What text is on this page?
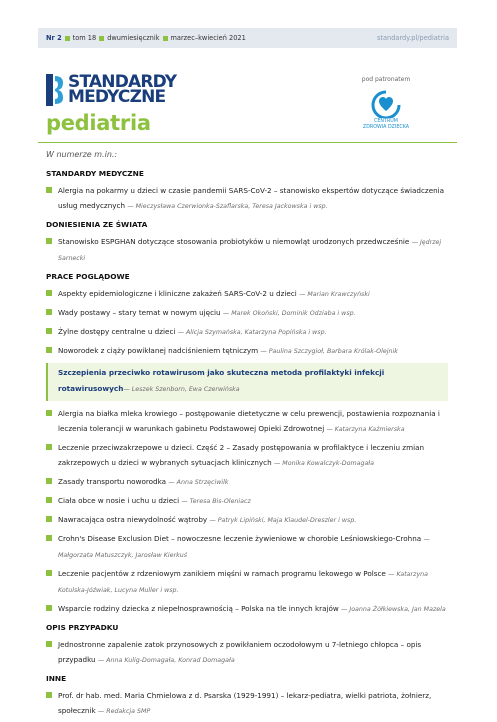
Nr 2 tom 18 dwumiesięcznik marzec–kwiecień 2021	standardy.pl/pediatria
STANDARDY
MEDYCZNE
pediatria
pod patronatem
CENTRUM
ZDROWIA DZIECKA
W numerze m.in.:
STANDARDY MEDYCZNE
Alergia na pokarmy u dzieci w czasie pandemii SARS-CoV-2 – stanowisko ekspertów dotyczące świadczenia usług medycznych — Mieczysława Czerwionka-Szaflarska, Teresa Jackowska i wsp.
DONIESIENIA ZE ŚWIATA
Stanowisko ESPGHAN dotyczące stosowania probiotyków u niemowląt urodzonych przedwcześnie — Jędrzej Sarnecki
PRACE POGLĄDOWE
Aspekty epidemiologiczne i kliniczne zakażeń SARS-CoV-2 u dzieci — Marian Krawczyński
Wady postawy – stary temat w nowym ujęciu — Marek Okoński, Dominik Odziaba i wsp.
Żylne dostępy centralne u dzieci — Alicja Szymańska, Katarzyna Popińska i wsp.
Noworodek z ciąży powikłanej nadciśnieniem tętniczym — Paulina Szczygioł, Barbara Królak-Olejnik
Szczepienia przeciwko rotawirusom jako skuteczna metoda profilaktyki infekcji rotawirusowych— Leszek Szenborn, Ewa Czerwińska
Alergia na białka mleka krowiego – postępowanie dietetyczne w celu prewencji, postawienia rozpoznania i leczenia tolerancji w warunkach gabinetu Podstawowej Opieki Zdrowotnej — Katarzyna Kaźmierska
Leczenie przeciwzakrzepowe u dzieci. Część 2 – Zasady postępowania w profilaktyce i leczeniu zmian zakrzepowych u dzieci w wybranych sytuacjach klinicznych — Monika Kowalczyk-Domagała
Zasady transportu noworodka — Anna Strzęciwilk
Ciała obce w nosie i uchu u dzieci — Teresa Bis-Oleniacz
Nawracająca ostra niewydolność wątroby — Patryk Lipiński, Maja Klaudel-Dreszler i wsp.
Crohn's Disease Exclusion Diet – nowoczesne leczenie żywieniowe w chorobie Leśniowskiego-Crohna — Małgorzata Matuszczyk, Jarosław Kierkuś
Leczenie pacjentów z rdzeniowym zanikiem mięśni w ramach programu lekowego w Polsce — Katarzyna Kotulska-Jóźwiak, Lucyna Muller i wsp.
Wsparcie rodziny dziecka z niepełnosprawnością – Polska na tle innych krajów — Joanna Żółkiewska, Jan Mazela
OPIS PRZYPADKU
Jednostronne zapalenie zatok przynosowych z powikłaniem oczodołowym u 7-letniego chłopca – opis przypadku — Anna Kulig-Domagała, Konrad Domagała
INNE
Prof. dr hab. med. Maria Chmielowa z d. Psarska (1929-1991) – lekarz-pediatra, wielki patriota, żołnierz, społecznik — Redakcja SMP
